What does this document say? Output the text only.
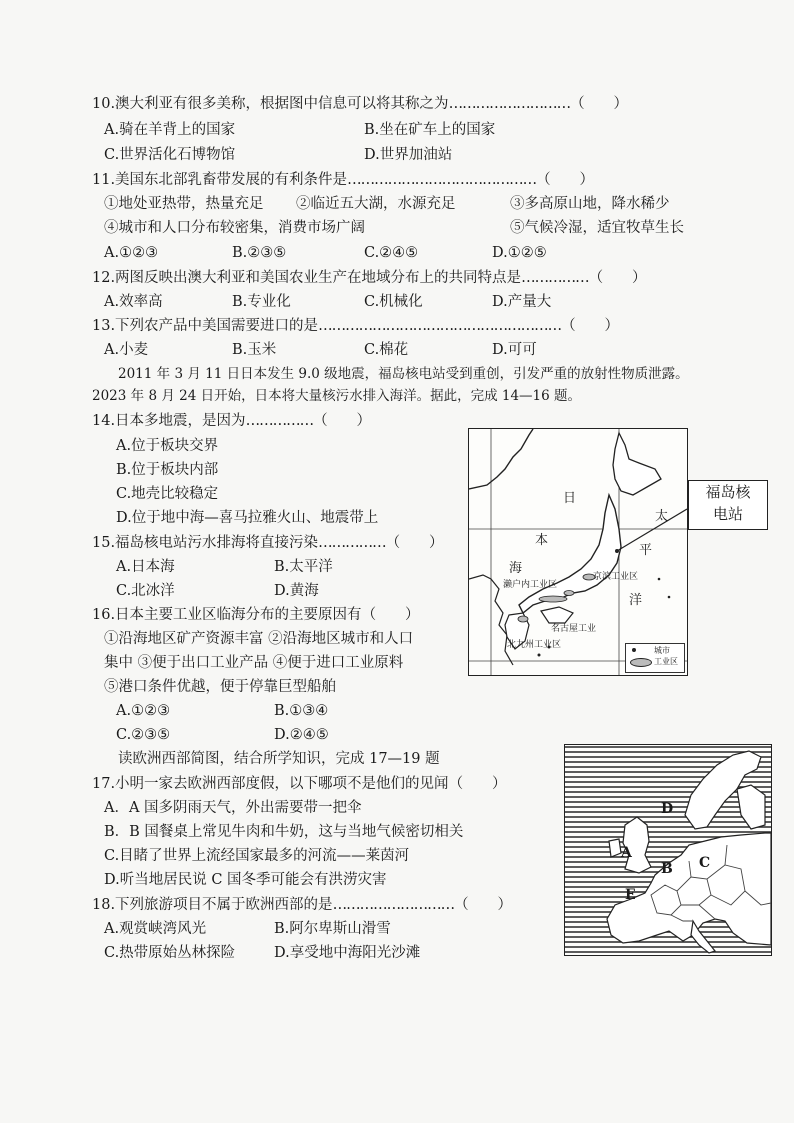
10.澳大利亚有很多美称，根据图中信息可以将其称之为………………………（　　）
A.骑在羊背上的国家	B.坐在矿车上的国家
C.世界活化石博物馆	D.世界加油站
11.美国东北部乳畜带发展的有利条件是……………………………………（　　）
①地处亚热带，热量充足 ②临近五大湖，水源充足	③多高原山地，降水稀少
④城市和人口分布较密集，消费市场广阔	⑤气候冷湿，适宜牧草生长
A.①②③	B.②③⑤	C.②④⑤	D.①②⑤
12.两图反映出澳大利亚和美国农业生产在地域分布上的共同特点是……………（　　）
A.效率高	B.专业化	C.机械化	D.产量大
13.下列农产品中美国需要进口的是………………………………………………（　　）
A.小麦	B.玉米	C.棉花	D.可可
2011 年 3 月 11 日日本发生 9.0 级地震，福岛核电站受到重创，引发严重的放射性物质泄露。
2023 年 8 月 24 日开始，日本将大量核污水排入海洋。据此，完成 14—16 题。
14.日本多地震，是因为……………（　　）
A.位于板块交界
B.位于板块内部
C.地壳比较稳定
D.位于地中海—喜马拉雅火山、地震带上
15.福岛核电站污水排海将直接污染……………（　　）
A.日本海	B.太平洋
C.北冰洋	D.黄海
16.日本主要工业区临海分布的主要原因有（　　）
①沿海地区矿产资源丰富 ②沿海地区城市和人口
集中 ③便于出口工业产品 ④便于进口工业原料
⑤港口条件优越，便于停靠巨型船舶
A.①②③	B.①③④
C.②③⑤	D.②④⑤
日
本
海
太
平
洋
濑户内工业区
京滨工业区
名古屋工业
北九州工业区
城市
工业区
福岛核
电站
读欧洲西部简图，结合所学知识，完成 17—19 题
17.小明一家去欧洲西部度假，以下哪项不是他们的见闻（　　）
A．A 国多阴雨天气，外出需要带一把伞
B．B 国餐桌上常见牛肉和牛奶，这与当地气候密切相关
C.目睹了世界上流经国家最多的河流——莱茵河
D.听当地居民说 C 国冬季可能会有洪涝灾害
18.下列旅游项目不属于欧洲西部的是………………………（　　）
A.观赏峡湾风光	B.阿尔卑斯山滑雪
C.热带原始丛林探险	D.享受地中海阳光沙滩
A
B C
D
E
